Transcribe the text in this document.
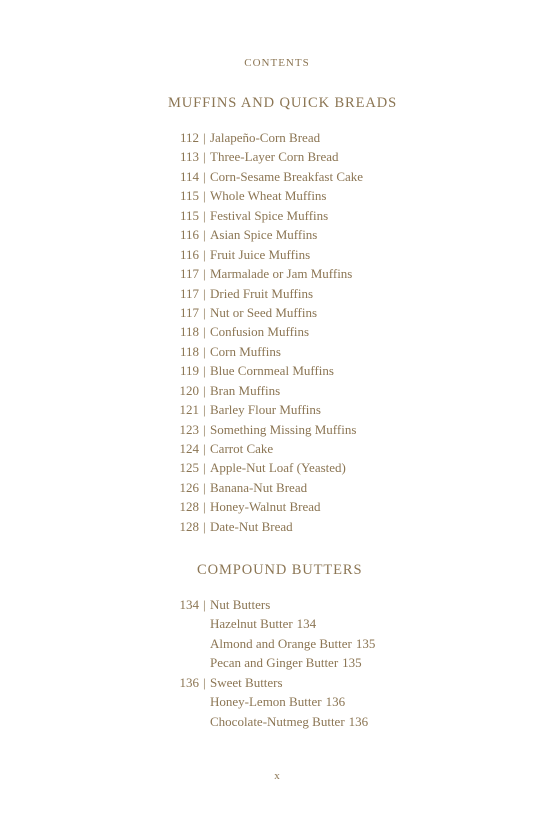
CONTENTS
MUFFINS AND QUICK BREADS
112 | Jalapeño-Corn Bread
113 | Three-Layer Corn Bread
114 | Corn-Sesame Breakfast Cake
115 | Whole Wheat Muffins
115 | Festival Spice Muffins
116 | Asian Spice Muffins
116 | Fruit Juice Muffins
117 | Marmalade or Jam Muffins
117 | Dried Fruit Muffins
117 | Nut or Seed Muffins
118 | Confusion Muffins
118 | Corn Muffins
119 | Blue Cornmeal Muffins
120 | Bran Muffins
121 | Barley Flour Muffins
123 | Something Missing Muffins
124 | Carrot Cake
125 | Apple-Nut Loaf (Yeasted)
126 | Banana-Nut Bread
128 | Honey-Walnut Bread
128 | Date-Nut Bread
COMPOUND BUTTERS
134 | Nut Butters
Hazelnut Butter 134
Almond and Orange Butter 135
Pecan and Ginger Butter 135
136 | Sweet Butters
Honey-Lemon Butter 136
Chocolate-Nutmeg Butter 136
x
